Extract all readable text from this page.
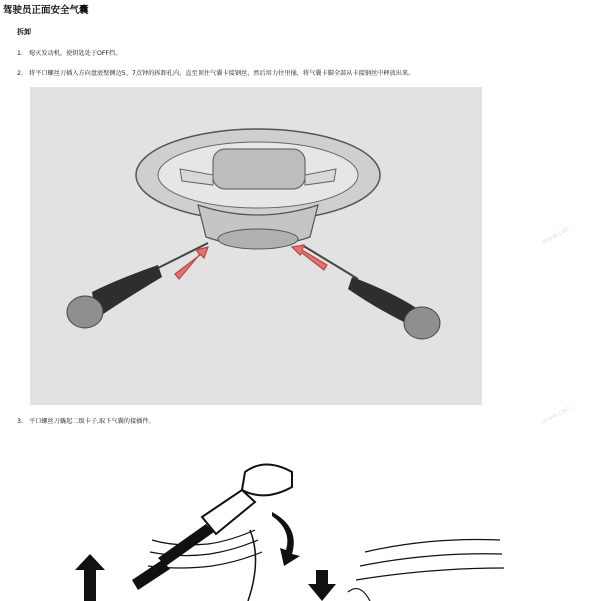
www.car...
www.car...
驾驶员正面安全气囊
拆卸
1. 熄灭发动机，使钥匙处于OFF挡。
2. 将平口螺丝刀插入方向盘底壁侧边5、7点钟的拆卸孔内，直至顶住气囊卡接钢丝，然后用力往里捅，将气囊卡脚全部从卡接钢丝中释放出来。
3. 平口螺丝刀撬起二级卡子,取下气囊的接插件。
